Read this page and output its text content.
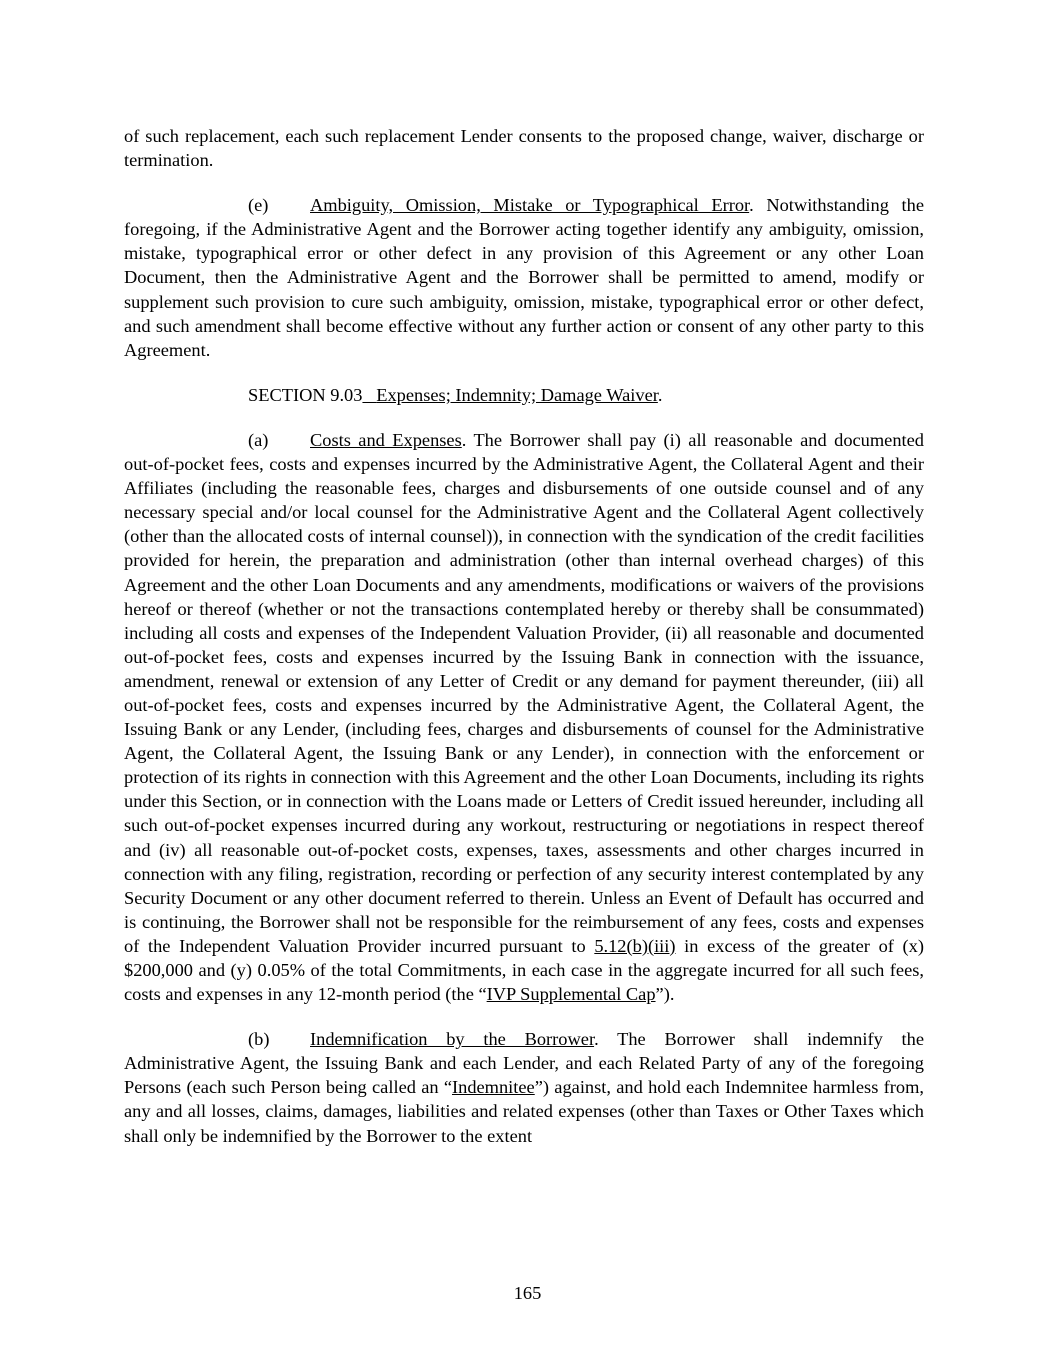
of such replacement, each such replacement Lender consents to the proposed change, waiver, discharge or termination.

(e) Ambiguity, Omission, Mistake or Typographical Error. Notwithstanding the foregoing, if the Administrative Agent and the Borrower acting together identify any ambiguity, omission, mistake, typographical error or other defect in any provision of this Agreement or any other Loan Document, then the Administrative Agent and the Borrower shall be permitted to amend, modify or supplement such provision to cure such ambiguity, omission, mistake, typographical error or other defect, and such amendment shall become effective without any further action or consent of any other party to this Agreement.

SECTION 9.03 Expenses; Indemnity; Damage Waiver.

(a) Costs and Expenses. The Borrower shall pay (i) all reasonable and documented out-of-pocket fees, costs and expenses incurred by the Administrative Agent, the Collateral Agent and their Affiliates (including the reasonable fees, charges and disbursements of one outside counsel and of any necessary special and/or local counsel for the Administrative Agent and the Collateral Agent collectively (other than the allocated costs of internal counsel)), in connection with the syndication of the credit facilities provided for herein, the preparation and administration (other than internal overhead charges) of this Agreement and the other Loan Documents and any amendments, modifications or waivers of the provisions hereof or thereof (whether or not the transactions contemplated hereby or thereby shall be consummated) including all costs and expenses of the Independent Valuation Provider, (ii) all reasonable and documented out-of-pocket fees, costs and expenses incurred by the Issuing Bank in connection with the issuance, amendment, renewal or extension of any Letter of Credit or any demand for payment thereunder, (iii) all out-of-pocket fees, costs and expenses incurred by the Administrative Agent, the Collateral Agent, the Issuing Bank or any Lender, (including fees, charges and disbursements of counsel for the Administrative Agent, the Collateral Agent, the Issuing Bank or any Lender), in connection with the enforcement or protection of its rights in connection with this Agreement and the other Loan Documents, including its rights under this Section, or in connection with the Loans made or Letters of Credit issued hereunder, including all such out-of-pocket expenses incurred during any workout, restructuring or negotiations in respect thereof and (iv) all reasonable out-of-pocket costs, expenses, taxes, assessments and other charges incurred in connection with any filing, registration, recording or perfection of any security interest contemplated by any Security Document or any other document referred to therein. Unless an Event of Default has occurred and is continuing, the Borrower shall not be responsible for the reimbursement of any fees, costs and expenses of the Independent Valuation Provider incurred pursuant to 5.12(b)(iii) in excess of the greater of (x) $200,000 and (y) 0.05% of the total Commitments, in each case in the aggregate incurred for all such fees, costs and expenses in any 12-month period (the “IVP Supplemental Cap”).

(b) Indemnification by the Borrower. The Borrower shall indemnify the Administrative Agent, the Issuing Bank and each Lender, and each Related Party of any of the foregoing Persons (each such Person being called an “Indemnitee”) against, and hold each Indemnitee harmless from, any and all losses, claims, damages, liabilities and related expenses (other than Taxes or Other Taxes which shall only be indemnified by the Borrower to the extent

165
